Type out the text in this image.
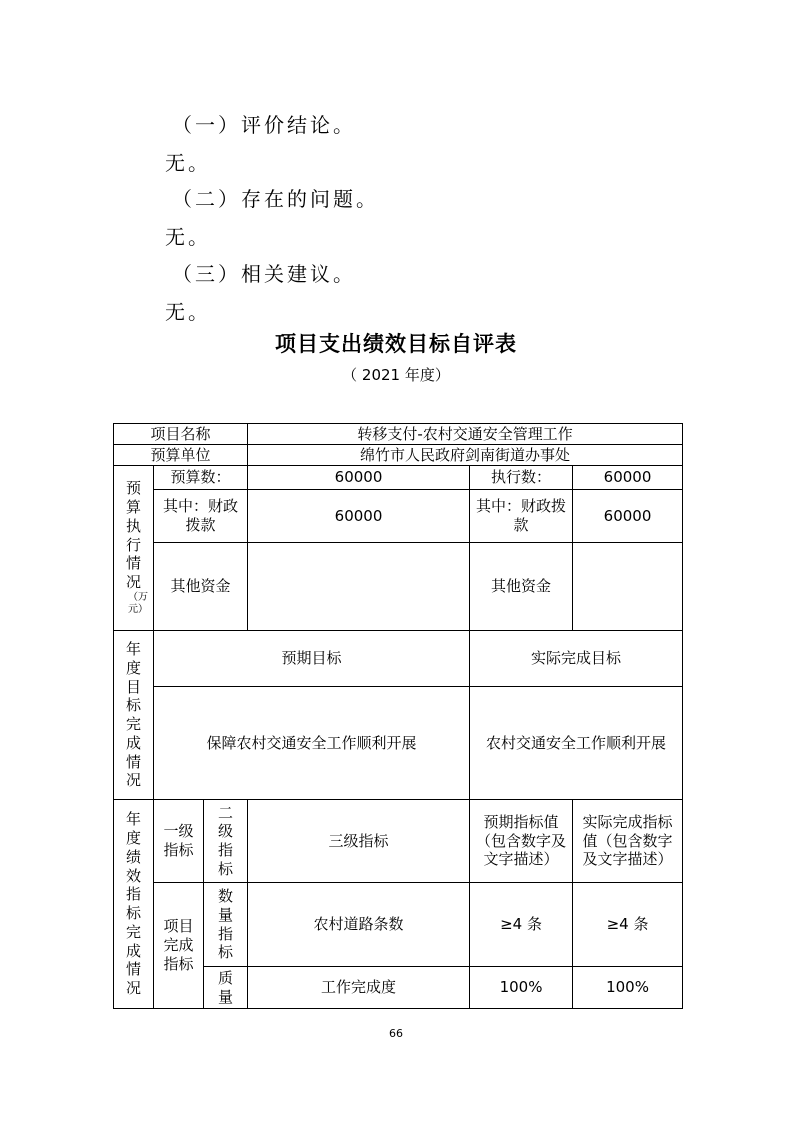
（一）评价结论。
无。
（二）存在的问题。
无。
（三）相关建议。
无。
项目支出绩效目标自评表
（ 2021 年度）
项目名称			转移支付-农村交通安全管理工作		
预算单位			绵竹市人民政府剑南街道办事处		

预算执行情况
（万元）	预算数：		60000	执行数：	60000
	其中：财政拨款		60000	其中：财政拨款	60000
	其他资金			其他资金	

年度目标完成情况	预期目标			实际完成目标	
	保障农村交通安全工作顺利开展			农村交通安全工作顺利开展	

年度绩效指标完成情况	一级指标	二级指标	三级指标	预期指标值（包含数字及文字描述）	实际完成指标值（包含数字及文字描述）

	项目完成指标	数量指标	农村道路条数	≥4 条	≥4 条

		质量	工作完成度	100%	100%
66
